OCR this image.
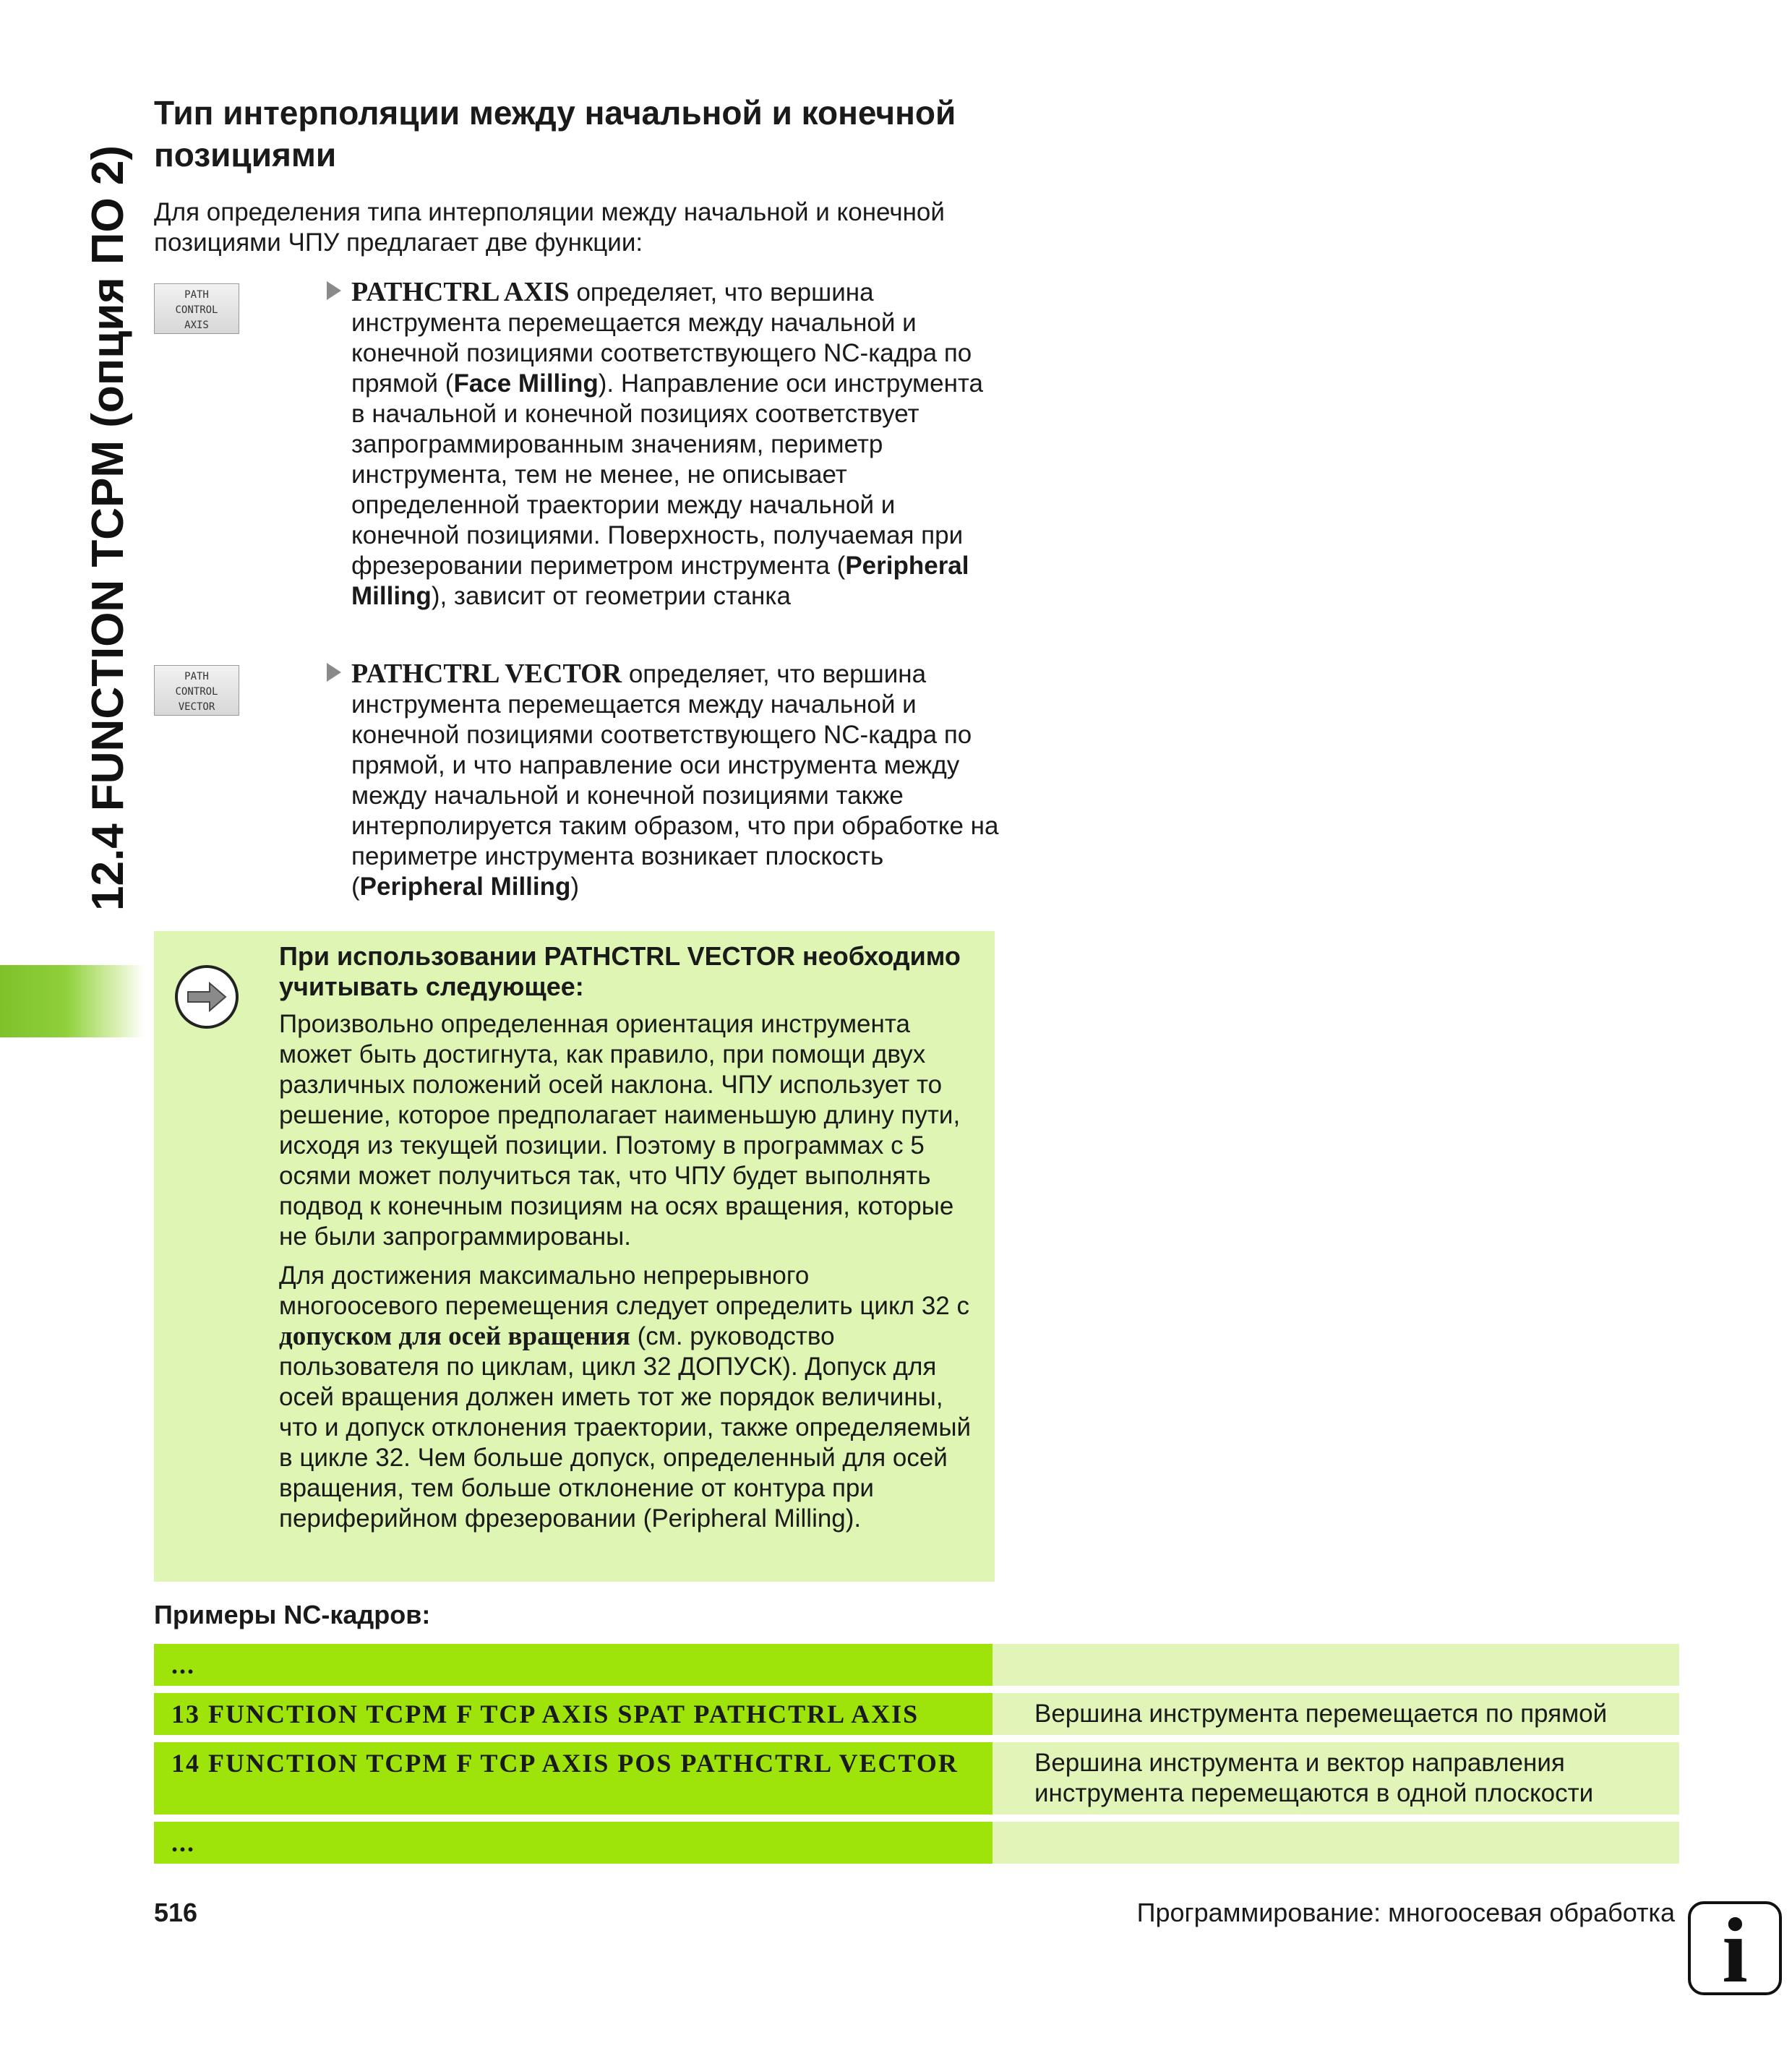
12.4 FUNCTION TCPM (опция ПО 2)
Тип интерполяции между начальной и конечной позициями
Для определения типа интерполяции между начальной и конечной позициями ЧПУ предлагает две функции:
PATH
CONTROL
AXIS

PATHCTRL AXIS определяет, что вершина инструмента перемещается между начальной и конечной позициями соответствующего NC-кадра по прямой (Face Milling). Направление оси инструмента в начальной и конечной позициях соответствует запрограммированным значениям, периметр инструмента, тем не менее, не описывает определенной траектории между начальной и конечной позициями. Поверхность, получаемая при фрезеровании периметром инструмента (Peripheral Milling), зависит от геометрии станка

PATH
CONTROL
VECTOR

PATHCTRL VECTOR определяет, что вершина инструмента перемещается между начальной и конечной позициями соответствующего NC-кадра по прямой, и что направление оси инструмента между между начальной и конечной позициями также интерполируется таким образом, что при обработке на периметре инструмента возникает плоскость (Peripheral Milling)

При использовании PATHCTRL VECTOR необходимо учитывать следующее:

Произвольно определенная ориентация инструмента может быть достигнута, как правило, при помощи двух различных положений осей наклона. ЧПУ использует то решение, которое предполагает наименьшую длину пути, исходя из текущей позиции. Поэтому в программах с 5 осями может получиться так, что ЧПУ будет выполнять подвод к конечным позициям на осях вращения, которые не были запрограммированы.

Для достижения максимально непрерывного многоосевого перемещения следует определить цикл 32 с допуском для осей вращения (см. руководство пользователя по циклам, цикл 32 ДОПУСК). Допуск для осей вращения должен иметь тот же порядок величины, что и допуск отклонения траектории, также определяемый в цикле 32. Чем больше допуск, определенный для осей вращения, тем больше отклонение от контура при периферийном фрезеровании (Peripheral Milling).

Примеры NC-кадров:
...
13 FUNCTION TCPM F TCP AXIS SPAT PATHCTRL AXIS	Вершина инструмента перемещается по прямой
14 FUNCTION TCPM F TCP AXIS POS PATHCTRL VECTOR	Вершина инструмента и вектор направления инструмента перемещаются в одной плоскости
...
516	Программирование: многоосевая обработка i
